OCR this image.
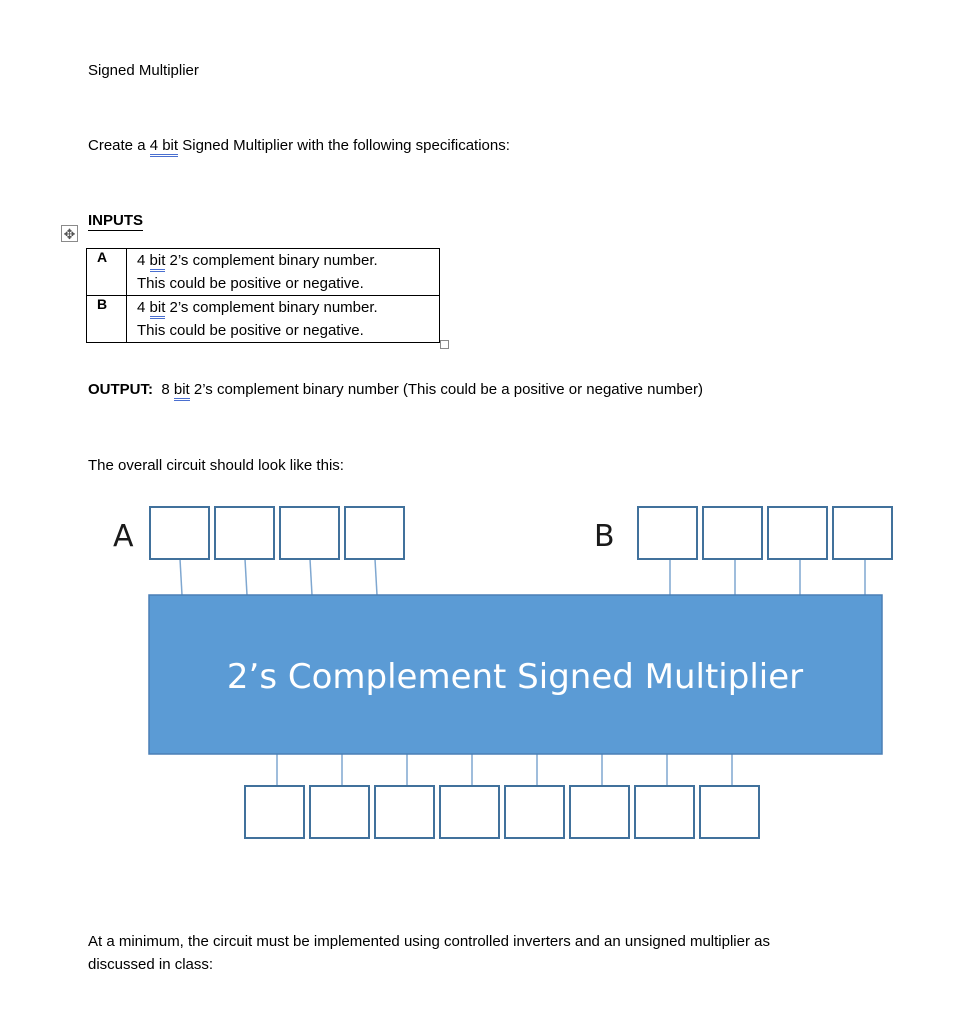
Signed Multiplier
Create a 4 bit Signed Multiplier with the following specifications:
INPUTS
✥
A	4 bit 2’s complement binary number.
This could be positive or negative.
B	4 bit 2’s complement binary number.
This could be positive or negative.
OUTPUT:  8 bit 2’s complement binary number (This could be a positive or negative number)
The overall circuit should look like this:
2’s Complement Signed Multiplier
A	B
At a minimum, the circuit must be implemented using controlled inverters and an unsigned multiplier as
discussed in class:
